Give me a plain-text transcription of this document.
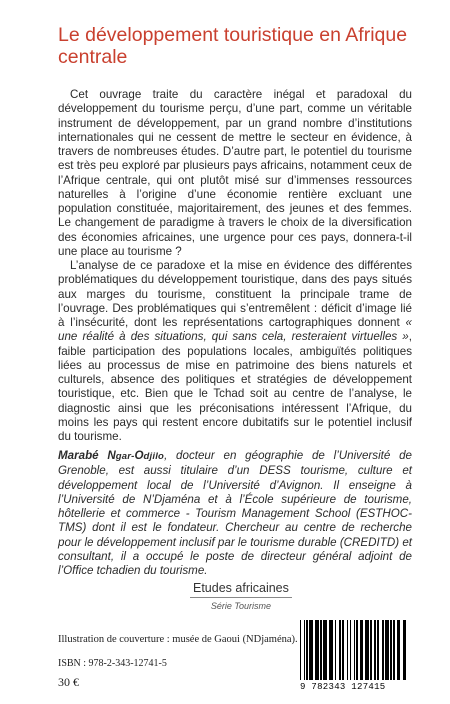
Le développement touristique en Afrique centrale

Cet ouvrage traite du caractère inégal et paradoxal du développement du tourisme perçu, d’une part, comme un véritable instrument de développement, par un grand nombre d’institutions internationales qui ne cessent de mettre le secteur en évidence, à travers de nombreuses études. D’autre part, le potentiel du tourisme est très peu exploré par plusieurs pays africains, notamment ceux de l’Afrique centrale, qui ont plutôt misé sur d’immenses ressources naturelles à l’origine d’une économie rentière excluant une population constituée, majoritairement, des jeunes et des femmes. Le changement de paradigme à travers le choix de la diversification des économies africaines, une urgence pour ces pays, donnera-t-il une place au tourisme ?

L’analyse de ce paradoxe et la mise en évidence des différentes problématiques du développement touristique, dans des pays situés aux marges du tourisme, constituent la principale trame de l’ouvrage. Des problématiques qui s’entremêlent : déficit d’image lié à l’insécurité, dont les représentations cartographiques donnent « une réalité à des situations, qui sans cela, resteraient virtuelles », faible participation des populations locales, ambiguïtés politiques liées au processus de mise en patrimoine des biens naturels et culturels, absence des politiques et stratégies de développement touristique, etc. Bien que le Tchad soit au centre de l’analyse, le diagnostic ainsi que les préconisations intéressent l’Afrique, du moins les pays qui restent encore dubitatifs sur le potentiel inclusif du tourisme.

Marabé Ngar-Odjilo, docteur en géographie de l’Université de Grenoble, est aussi titulaire d’un DESS tourisme, culture et développement local de l’Université d’Avignon. Il enseigne à l’Université de N’Djaména et à l’École supérieure de tourisme, hôtellerie et commerce - Tourism Management School (ESTHOC-TMS) dont il est le fondateur. Chercheur au centre de recherche pour le développement inclusif par le tourisme durable (CREDITD) et consultant, il a occupé le poste de directeur général adjoint de l’Office tchadien du tourisme.

Etudes africaines
Série Tourisme
Illustration de couverture : musée de Gaoui (NDjaména).
ISBN : 978-2-343-12741-5
30 €	9 782343 127415
